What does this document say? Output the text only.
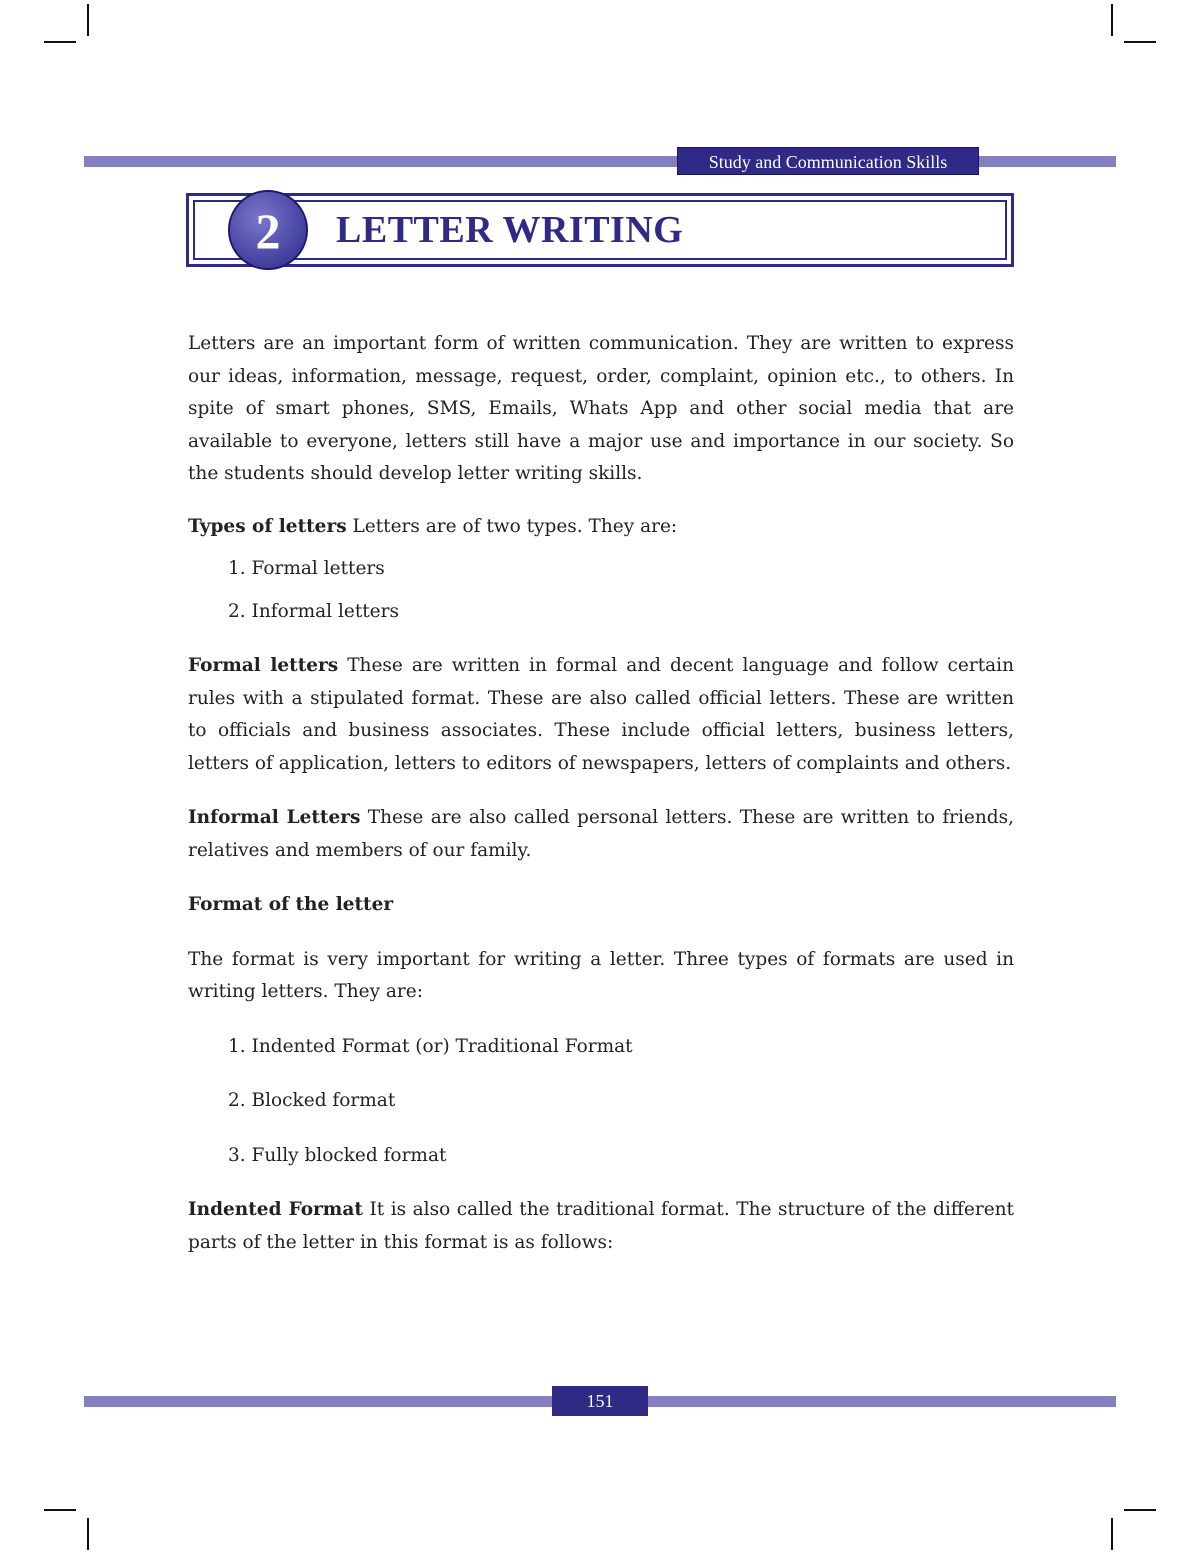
Study and Communication Skills
2	LETTER WRITING

Letters are an important form of written communication. They are written to express our ideas, information, message, request, order, complaint, opinion etc., to others. In spite of smart phones, SMS, Emails, Whats App and other social media that are available to everyone, letters still have a major use and importance in our society. So the students should develop letter writing skills.

Types of letters Letters are of two types. They are:

1. Formal letters

2. Informal letters

Formal letters These are written in formal and decent language and follow certain rules with a stipulated format. These are also called official letters. These are written to officials and business associates. These include official letters, business letters, letters of application, letters to editors of newspapers, letters of complaints and others.

Informal Letters These are also called personal letters. These are written to friends, relatives and members of our family.

Format of the letter

The format is very important for writing a letter. Three types of formats are used in writing letters. They are:

1. Indented Format (or) Traditional Format

2. Blocked format

3. Fully blocked format

Indented Format It is also called the traditional format. The structure of the different parts of the letter in this format is as follows:

151
